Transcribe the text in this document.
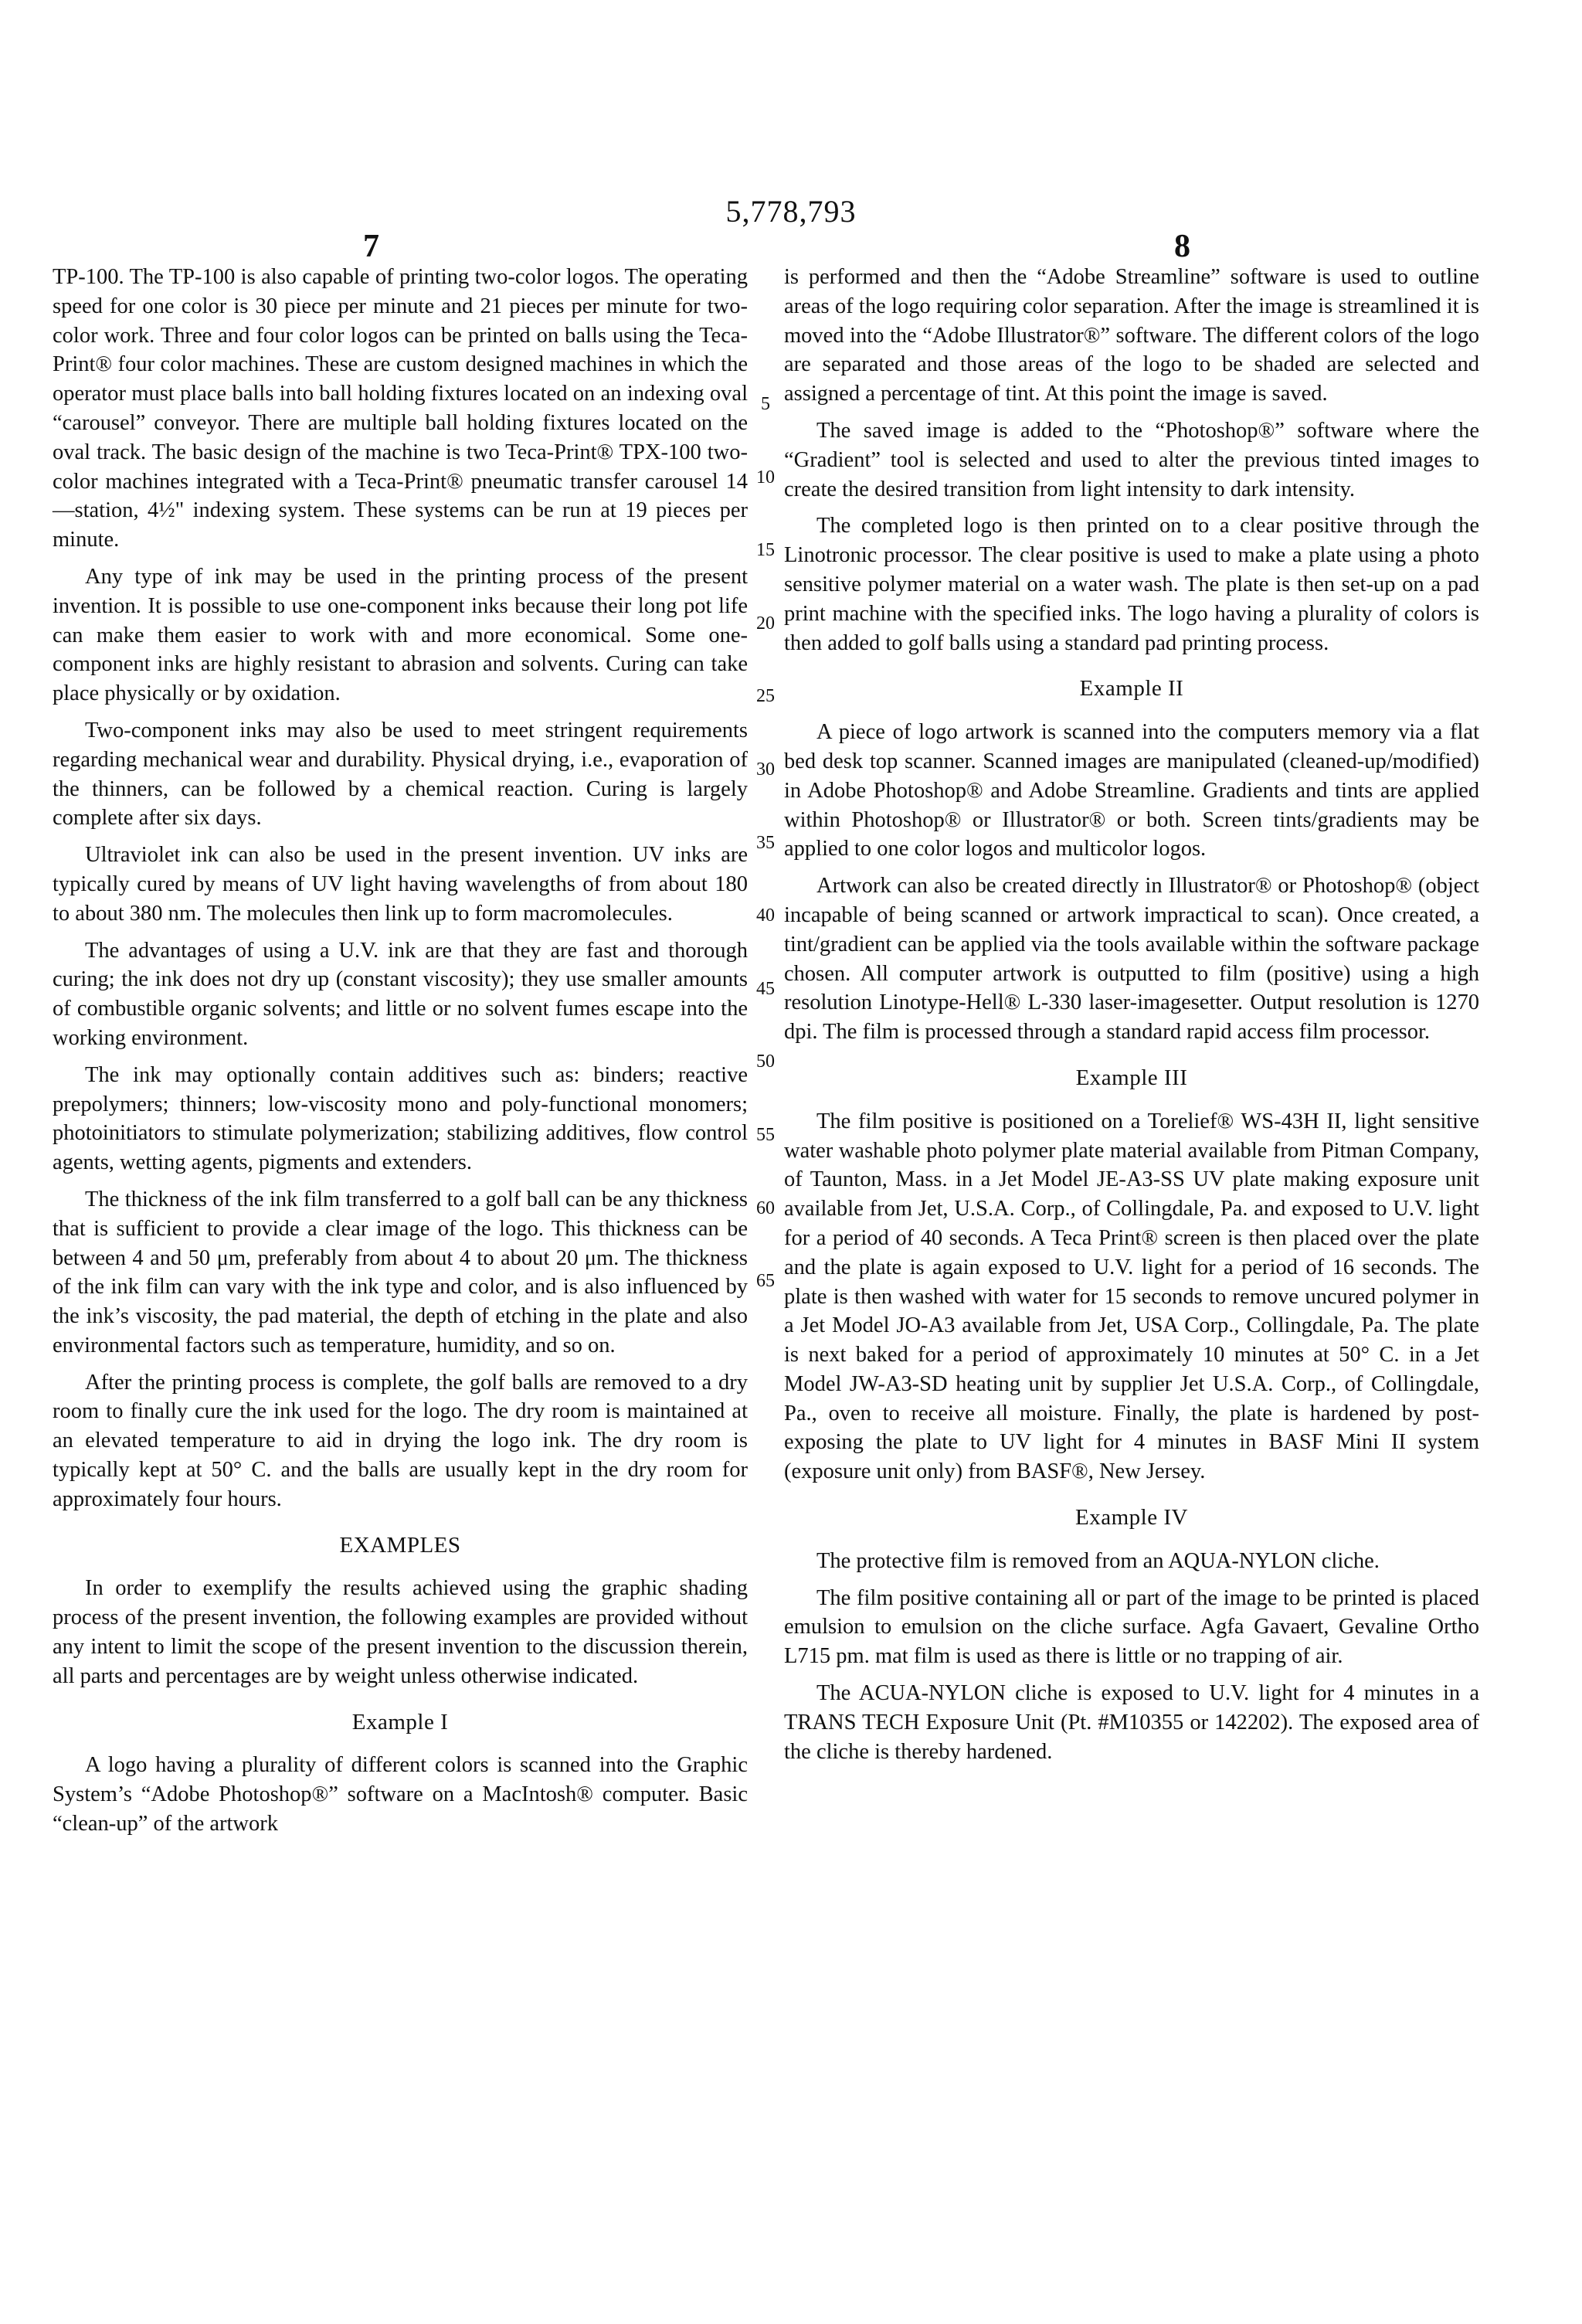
5,778,793
7	8

TP-100. The TP-100 is also capable of printing two-color logos. The operating speed for one color is 30 piece per minute and 21 pieces per minute for two-color work. Three and four color logos can be printed on balls using the Teca-Print® four color machines. These are custom designed machines in which the operator must place balls into ball holding fixtures located on an indexing oval “carousel” conveyor. There are multiple ball holding fixtures located on the oval track. The basic design of the machine is two Teca-Print® TPX-100 two-color machines integrated with a Teca-Print® pneumatic transfer carousel 14—station, 4½" indexing system. These systems can be run at 19 pieces per minute.

Any type of ink may be used in the printing process of the present invention. It is possible to use one-component inks because their long pot life can make them easier to work with and more economical. Some one-component inks are highly resistant to abrasion and solvents. Curing can take place physically or by oxidation.

Two-component inks may also be used to meet stringent requirements regarding mechanical wear and durability. Physical drying, i.e., evaporation of the thinners, can be followed by a chemical reaction. Curing is largely complete after six days.

Ultraviolet ink can also be used in the present invention. UV inks are typically cured by means of UV light having wavelengths of from about 180 to about 380 nm. The molecules then link up to form macromolecules.

The advantages of using a U.V. ink are that they are fast and thorough curing; the ink does not dry up (constant viscosity); they use smaller amounts of combustible organic solvents; and little or no solvent fumes escape into the working environment.

The ink may optionally contain additives such as: binders; reactive prepolymers; thinners; low-viscosity mono and poly-functional monomers; photoinitiators to stimulate polymerization; stabilizing additives, flow control agents, wetting agents, pigments and extenders.

The thickness of the ink film transferred to a golf ball can be any thickness that is sufficient to provide a clear image of the logo. This thickness can be between 4 and 50 μm, preferably from about 4 to about 20 μm. The thickness of the ink film can vary with the ink type and color, and is also influenced by the ink’s viscosity, the pad material, the depth of etching in the plate and also environmental factors such as temperature, humidity, and so on.

After the printing process is complete, the golf balls are removed to a dry room to finally cure the ink used for the logo. The dry room is maintained at an elevated temperature to aid in drying the logo ink. The dry room is typically kept at 50° C. and the balls are usually kept in the dry room for approximately four hours.

EXAMPLES

In order to exemplify the results achieved using the graphic shading process of the present invention, the following examples are provided without any intent to limit the scope of the present invention to the discussion therein, all parts and percentages are by weight unless otherwise indicated.

Example I

A logo having a plurality of different colors is scanned into the Graphic System’s “Adobe Photoshop®” software on a MacIntosh® computer. Basic “clean-up” of the artwork

is performed and then the “Adobe Streamline” software is used to outline areas of the logo requiring color separation. After the image is streamlined it is moved into the “Adobe Illustrator®” software. The different colors of the logo are separated and those areas of the logo to be shaded are selected and assigned a percentage of tint. At this point the image is saved.

The saved image is added to the “Photoshop®” software where the “Gradient” tool is selected and used to alter the previous tinted images to create the desired transition from light intensity to dark intensity.

The completed logo is then printed on to a clear positive through the Linotronic processor. The clear positive is used to make a plate using a photo sensitive polymer material on a water wash. The plate is then set-up on a pad print machine with the specified inks. The logo having a plurality of colors is then added to golf balls using a standard pad printing process.

Example II

A piece of logo artwork is scanned into the computers memory via a flat bed desk top scanner. Scanned images are manipulated (cleaned-up/modified) in Adobe Photoshop® and Adobe Streamline. Gradients and tints are applied within Photoshop® or Illustrator® or both. Screen tints/gradients may be applied to one color logos and multicolor logos.

Artwork can also be created directly in Illustrator® or Photoshop® (object incapable of being scanned or artwork impractical to scan). Once created, a tint/gradient can be applied via the tools available within the software package chosen. All computer artwork is outputted to film (positive) using a high resolution Linotype-Hell® L-330 laser-imagesetter. Output resolution is 1270 dpi. The film is processed through a standard rapid access film processor.

Example III

The film positive is positioned on a Torelief® WS-43H II, light sensitive water washable photo polymer plate material available from Pitman Company, of Taunton, Mass. in a Jet Model JE-A3-SS UV plate making exposure unit available from Jet, U.S.A. Corp., of Collingdale, Pa. and exposed to U.V. light for a period of 40 seconds. A Teca Print® screen is then placed over the plate and the plate is again exposed to U.V. light for a period of 16 seconds. The plate is then washed with water for 15 seconds to remove uncured polymer in a Jet Model JO-A3 available from Jet, USA Corp., Collingdale, Pa. The plate is next baked for a period of approximately 10 minutes at 50° C. in a Jet Model JW-A3-SD heating unit by supplier Jet U.S.A. Corp., of Collingdale, Pa., oven to receive all moisture. Finally, the plate is hardened by post-exposing the plate to UV light for 4 minutes in BASF Mini II system (exposure unit only) from BASF®, New Jersey.

Example IV

The protective film is removed from an AQUA-NYLON cliche.

The film positive containing all or part of the image to be printed is placed emulsion to emulsion on the cliche surface. Agfa Gavaert, Gevaline Ortho L715 pm. mat film is used as there is little or no trapping of air.

The ACUA-NYLON cliche is exposed to U.V. light for 4 minutes in a TRANS TECH Exposure Unit (Pt. #M10355 or 142202). The exposed area of the cliche is thereby hardened.

5
10
15
20
25
30
35
40
45
50
55
60
65
